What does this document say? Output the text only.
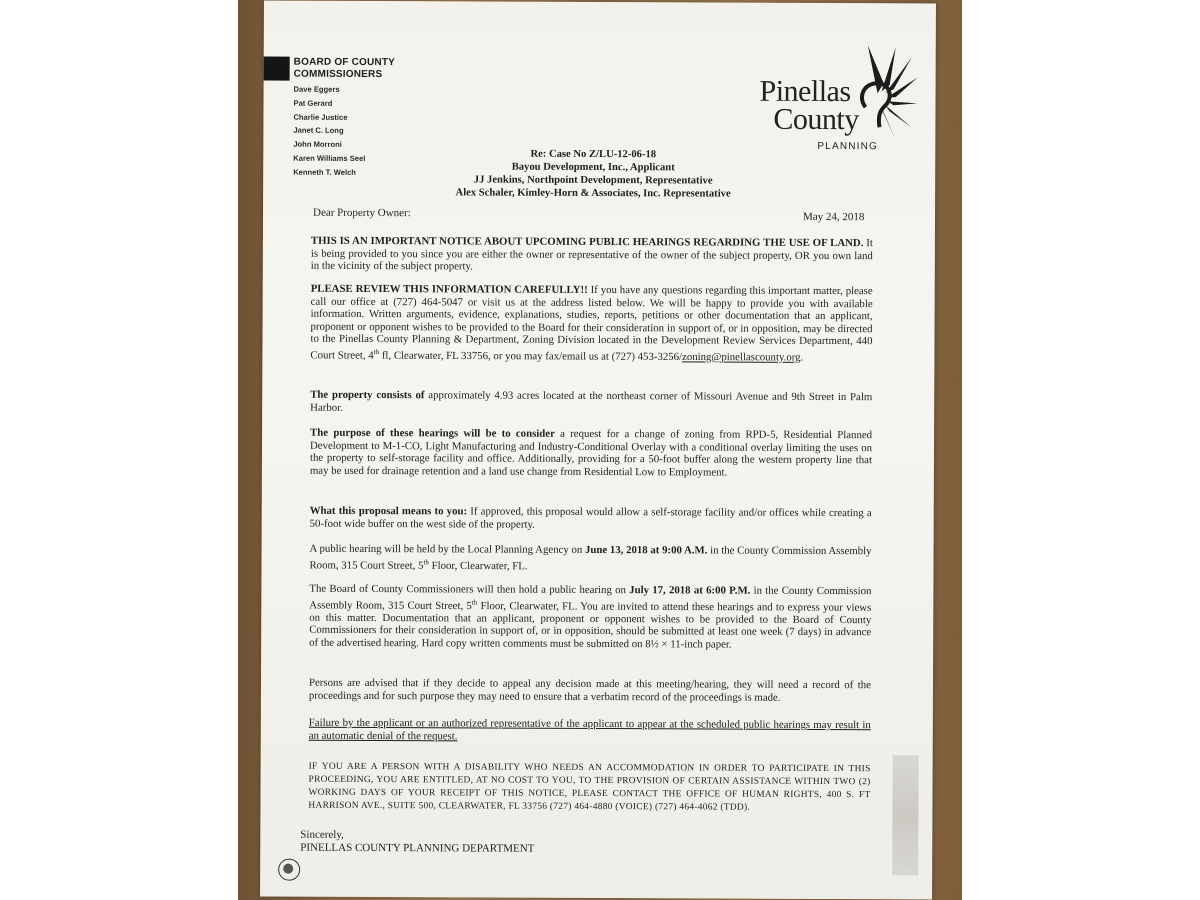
BOARD OF COUNTY
COMMISSIONERS
Dave Eggers
Pat Gerard
Charlie Justice
Janet C. Long
John Morroni
Karen Williams Seel
Kenneth T. Welch
Pinellas
County
PLANNING
Re: Case No Z/LU-12-06-18
Bayou Development, Inc., Applicant
JJ Jenkins, Northpoint Development, Representative
Alex Schaler, Kimley-Horn & Associates, Inc. Representative
Dear Property Owner:	May 24, 2018
THIS IS AN IMPORTANT NOTICE ABOUT UPCOMING PUBLIC HEARINGS REGARDING THE USE OF LAND. It is being provided to you since you are either the owner or representative of the owner of the subject property, OR you own land in the vicinity of the subject property.
PLEASE REVIEW THIS INFORMATION CAREFULLY!! If you have any questions regarding this important matter, please call our office at (727) 464-5047 or visit us at the address listed below. We will be happy to provide you with available information. Written arguments, evidence, explanations, studies, reports, petitions or other documentation that an applicant, proponent or opponent wishes to be provided to the Board for their consideration in support of, or in opposition, may be directed to the Pinellas County Planning & Department, Zoning Division located in the Development Review Services Department, 440 Court Street, 4th fl, Clearwater, FL 33756, or you may fax/email us at (727) 453-3256/zoning@pinellascounty.org.
The property consists of approximately 4.93 acres located at the northeast corner of Missouri Avenue and 9th Street in Palm Harbor.
The purpose of these hearings will be to consider a request for a change of zoning from RPD-5, Residential Planned Development to M-1-CO, Light Manufacturing and Industry-Conditional Overlay with a conditional overlay limiting the uses on the property to self-storage facility and office. Additionally, providing for a 50-foot buffer along the western property line that may be used for drainage retention and a land use change from Residential Low to Employment.
What this proposal means to you: If approved, this proposal would allow a self-storage facility and/or offices while creating a 50-foot wide buffer on the west side of the property.
A public hearing will be held by the Local Planning Agency on June 13, 2018 at 9:00 A.M. in the County Commission Assembly Room, 315 Court Street, 5th Floor, Clearwater, FL.
The Board of County Commissioners will then hold a public hearing on July 17, 2018 at 6:00 P.M. in the County Commission Assembly Room, 315 Court Street, 5th Floor, Clearwater, FL. You are invited to attend these hearings and to express your views on this matter. Documentation that an applicant, proponent or opponent wishes to be provided to the Board of County Commissioners for their consideration in support of, or in opposition, should be submitted at least one week (7 days) in advance of the advertised hearing. Hard copy written comments must be submitted on 8½ × 11-inch paper.
Persons are advised that if they decide to appeal any decision made at this meeting/hearing, they will need a record of the proceedings and for such purpose they may need to ensure that a verbatim record of the proceedings is made.
Failure by the applicant or an authorized representative of the applicant to appear at the scheduled public hearings may result in an automatic denial of the request.
IF YOU ARE A PERSON WITH A DISABILITY WHO NEEDS AN ACCOMMODATION IN ORDER TO PARTICIPATE IN THIS PROCEEDING, YOU ARE ENTITLED, AT NO COST TO YOU, TO THE PROVISION OF CERTAIN ASSISTANCE WITHIN TWO (2) WORKING DAYS OF YOUR RECEIPT OF THIS NOTICE, PLEASE CONTACT THE OFFICE OF HUMAN RIGHTS, 400 S. FT HARRISON AVE., SUITE 500, CLEARWATER, FL 33756 (727) 464-4880 (VOICE) (727) 464-4062 (TDD).
Sincerely,
PINELLAS COUNTY PLANNING DEPARTMENT
